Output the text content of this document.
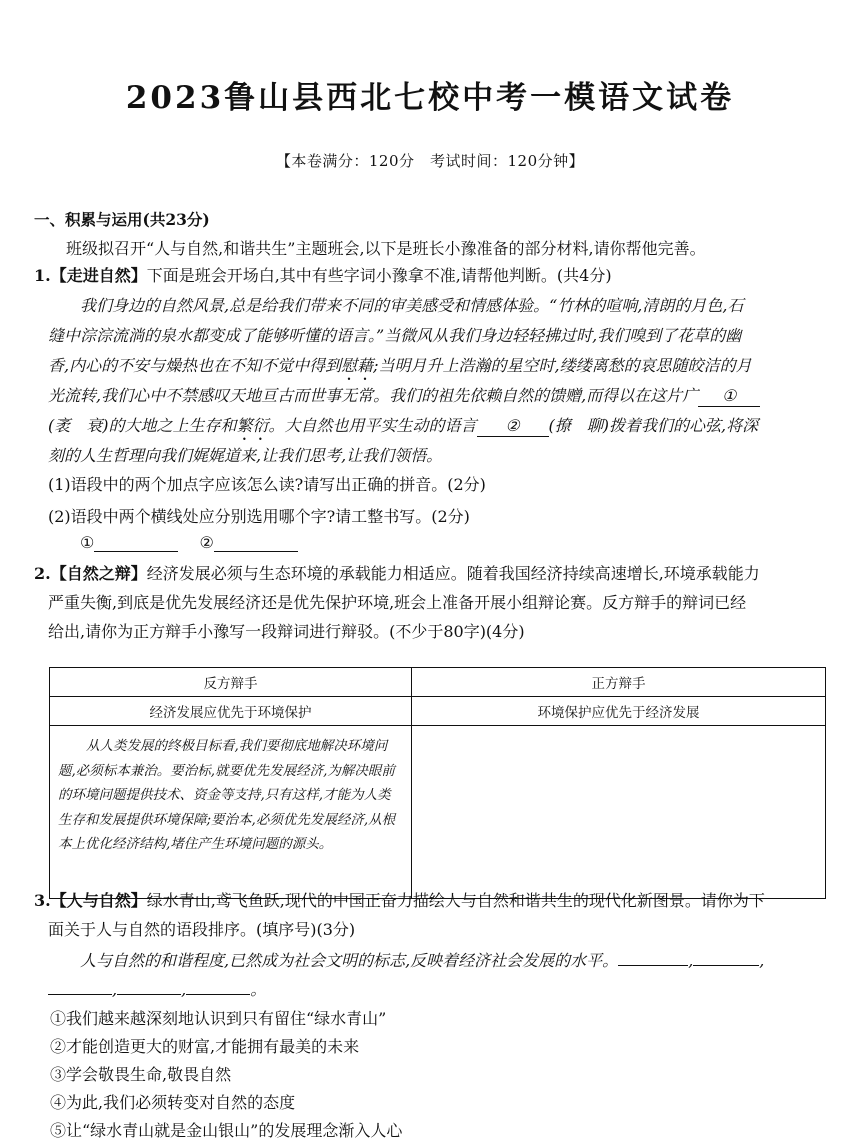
2023鲁山县西北七校中考一模语文试卷
【本卷满分：120分　考试时间：120分钟】
一、积累与运用(共23分)
班级拟召开“人与自然,和谐共生”主题班会,以下是班长小豫准备的部分材料,请你帮他完善。
1.【走进自然】下面是班会开场白,其中有些字词小豫拿不准,请帮他判断。(共4分)
我们身边的自然风景,总是给我们带来不同的审美感受和情感体验。“竹林的喧响,清朗的月色,石
缝中淙淙流淌的泉水都变成了能够听懂的语言。”当微风从我们身边轻轻拂过时,我们嗅到了花草的幽
香,内心的不安与燥热也在不知不觉中得到慰藉;当明月升上浩瀚的星空时,缕缕离愁的哀思随皎洁的月
光流转,我们心中不禁感叹天地亘古而世事无常。我们的祖先依赖自然的馈赠,而得以在这片广 ①
(袤　衰)的大地之上生存和繁衍。大自然也用平实生动的语言 ② (撩　聊)拨着我们的心弦,将深
刻的人生哲理向我们娓娓道来,让我们思考,让我们领悟。
(1)语段中的两个加点字应该怎么读?请写出正确的拼音。(2分)
(2)语段中两个横线处应分别选用哪个字?请工整书写。(2分)
①  	②
2.【自然之辩】经济发展必须与生态环境的承载能力相适应。随着我国经济持续高速增长,环境承载能力
严重失衡,到底是优先发展经济还是优先保护环境,班会上准备开展小组辩论赛。反方辩手的辩词已经
给出,请你为正方辩手小豫写一段辩词进行辩驳。(不少于80字)(4分)
反方辩手	正方辩手
经济发展应优先于环境保护	环境保护应优先于经济发展
从人类发展的终极目标看,我们要彻底地解决环境问题,必须标本兼治。要治标,就要优先发展经济,为解决眼前的环境问题提供技术、资金等支持,只有这样,才能为人类生存和发展提供环境保障;要治本,必须优先发展经济,从根本上优化经济结构,堵住产生环境问题的源头。	
3.【人与自然】绿水青山,鸢飞鱼跃,现代的中国正奋力描绘人与自然和谐共生的现代化新图景。请你为下
面关于人与自然的语段排序。(填序号)(3分)
人与自然的和谐程度,已然成为社会文明的标志,反映着经济社会发展的水平。	,	,
,	,	。
①我们越来越深刻地认识到只有留住“绿水青山”
②才能创造更大的财富,才能拥有最美的未来
③学会敬畏生命,敬畏自然
④为此,我们必须转变对自然的态度
⑤让“绿水青山就是金山银山”的发展理念渐入人心
